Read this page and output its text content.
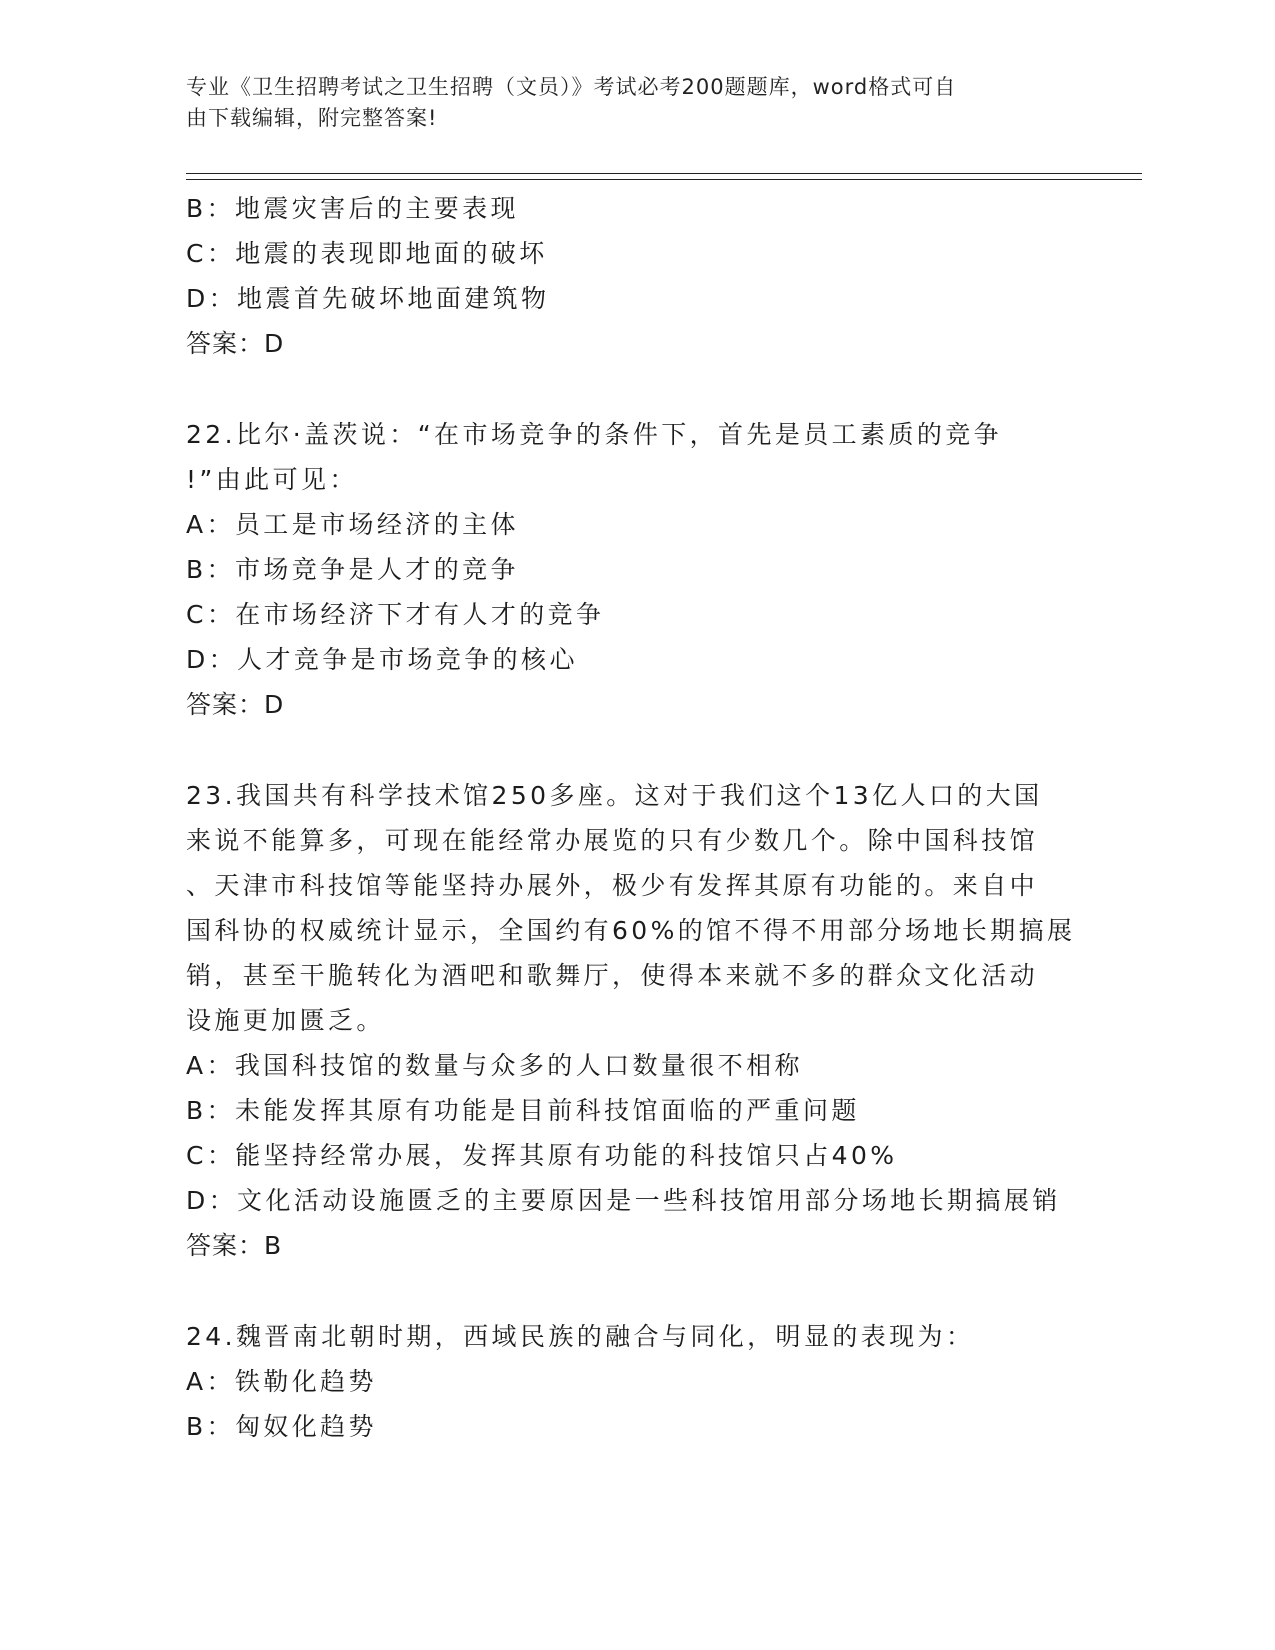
专业《卫生招聘考试之卫生招聘（文员）》考试必考200题题库，word格式可自
由下载编辑，附完整答案!
B：地震灾害后的主要表现
C：地震的表现即地面的破坏
D：地震首先破坏地面建筑物
答案：D
22.比尔·盖茨说：“在市场竞争的条件下，首先是员工素质的竞争
!”由此可见：
A：员工是市场经济的主体
B：市场竞争是人才的竞争
C：在市场经济下才有人才的竞争
D：人才竞争是市场竞争的核心
答案：D
23.我国共有科学技术馆250多座。这对于我们这个13亿人口的大国
来说不能算多，可现在能经常办展览的只有少数几个。除中国科技馆
、天津市科技馆等能坚持办展外，极少有发挥其原有功能的。来自中
国科协的权威统计显示，全国约有60%的馆不得不用部分场地长期搞展
销，甚至干脆转化为酒吧和歌舞厅，使得本来就不多的群众文化活动
设施更加匮乏。
A：我国科技馆的数量与众多的人口数量很不相称
B：未能发挥其原有功能是目前科技馆面临的严重问题
C：能坚持经常办展，发挥其原有功能的科技馆只占40%
D：文化活动设施匮乏的主要原因是一些科技馆用部分场地长期搞展销
答案：B
24.魏晋南北朝时期，西域民族的融合与同化，明显的表现为：
A：铁勒化趋势
B：匈奴化趋势
